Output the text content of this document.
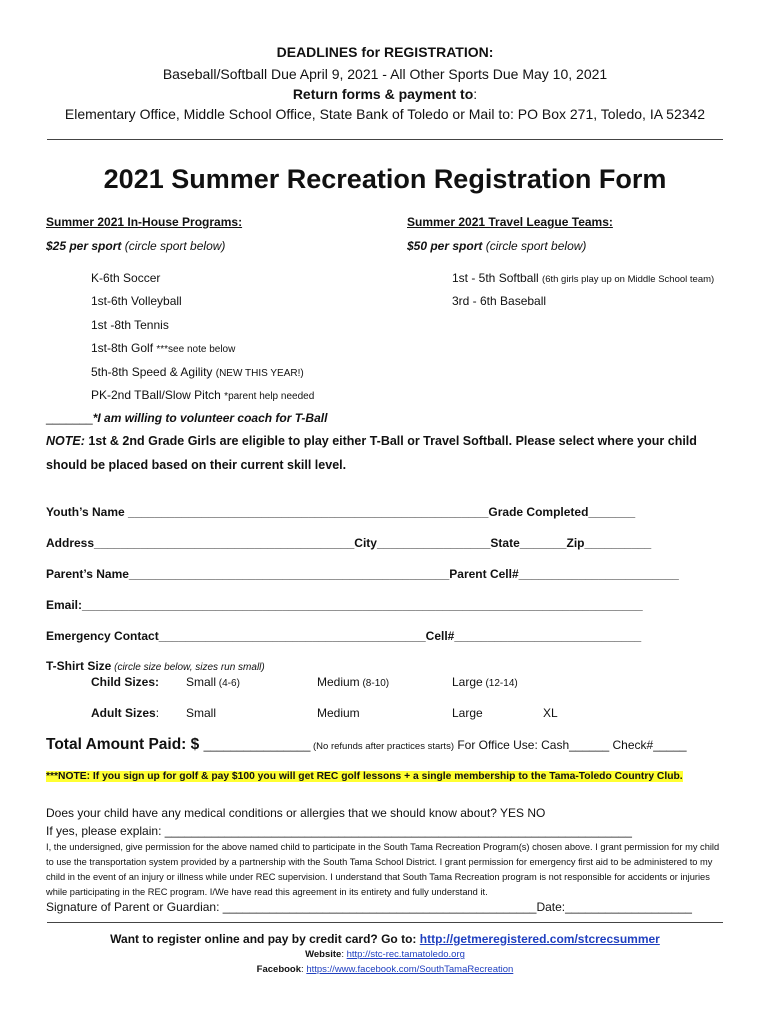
DEADLINES for REGISTRATION:
Baseball/Softball Due April 9, 2021 - All Other Sports Due May 10, 2021
Return forms & payment to:
Elementary Office, Middle School Office, State Bank of Toledo or Mail to: PO Box 271, Toledo, IA 52342
2021 Summer Recreation Registration Form
Summer 2021 In-House Programs:
$25 per sport (circle sport below)
K-6th Soccer
1st-6th Volleyball
1st -8th Tennis
1st-8th Golf ***see note below
5th-8th Speed & Agility (NEW THIS YEAR!)
PK-2nd TBall/Slow Pitch *parent help needed
Summer 2021 Travel League Teams:
$50 per sport (circle sport below)
1st - 5th Softball (6th girls play up on Middle School team)
3rd - 6th Baseball
_______*I am willing to volunteer coach for T-Ball
NOTE: 1st & 2nd Grade Girls are eligible to play either T-Ball or Travel Softball. Please select where your child should be placed based on their current skill level.
Youth’s Name ______________________________________________________Grade Completed_______
Address_______________________________________City_________________State_______Zip__________
Parent’s Name________________________________________________Parent Cell#________________________
Email:____________________________________________________________________________________
Emergency Contact________________________________________Cell#____________________________
T-Shirt Size (circle size below, sizes run small)
Child Sizes: Small (4-6)	Medium (8-10)	Large (12-14)
Adult Sizes: Small	Medium	Large	XL
Total Amount Paid: $ ________________ (No refunds after practices starts) For Office Use: Cash______ Check#_____
***NOTE: If you sign up for golf & pay $100 you will get REC golf lessons + a single membership to the Tama-Toledo Country Club.
Does your child have any medical conditions or allergies that we should know about? YES NO
If yes, please explain: ______________________________________________________________________
I, the undersigned, give permission for the above named child to participate in the South Tama Recreation Program(s) chosen above. I grant permission for my child to use the transportation system provided by a partnership with the South Tama School District. I grant permission for emergency first aid to be administered to my child in the event of an injury or illness while under REC supervision. I understand that South Tama Recreation program is not responsible for accidents or injuries while participating in the REC program. I/We have read this agreement in its entirety and fully understand it.
Signature of Parent or Guardian: _______________________________________________Date:___________________
Want to register online and pay by credit card? Go to: http://getmeregistered.com/stcrecsummer
Website: http://stc-rec.tamatoledo.org
Facebook: https://www.facebook.com/SouthTamaRecreation
